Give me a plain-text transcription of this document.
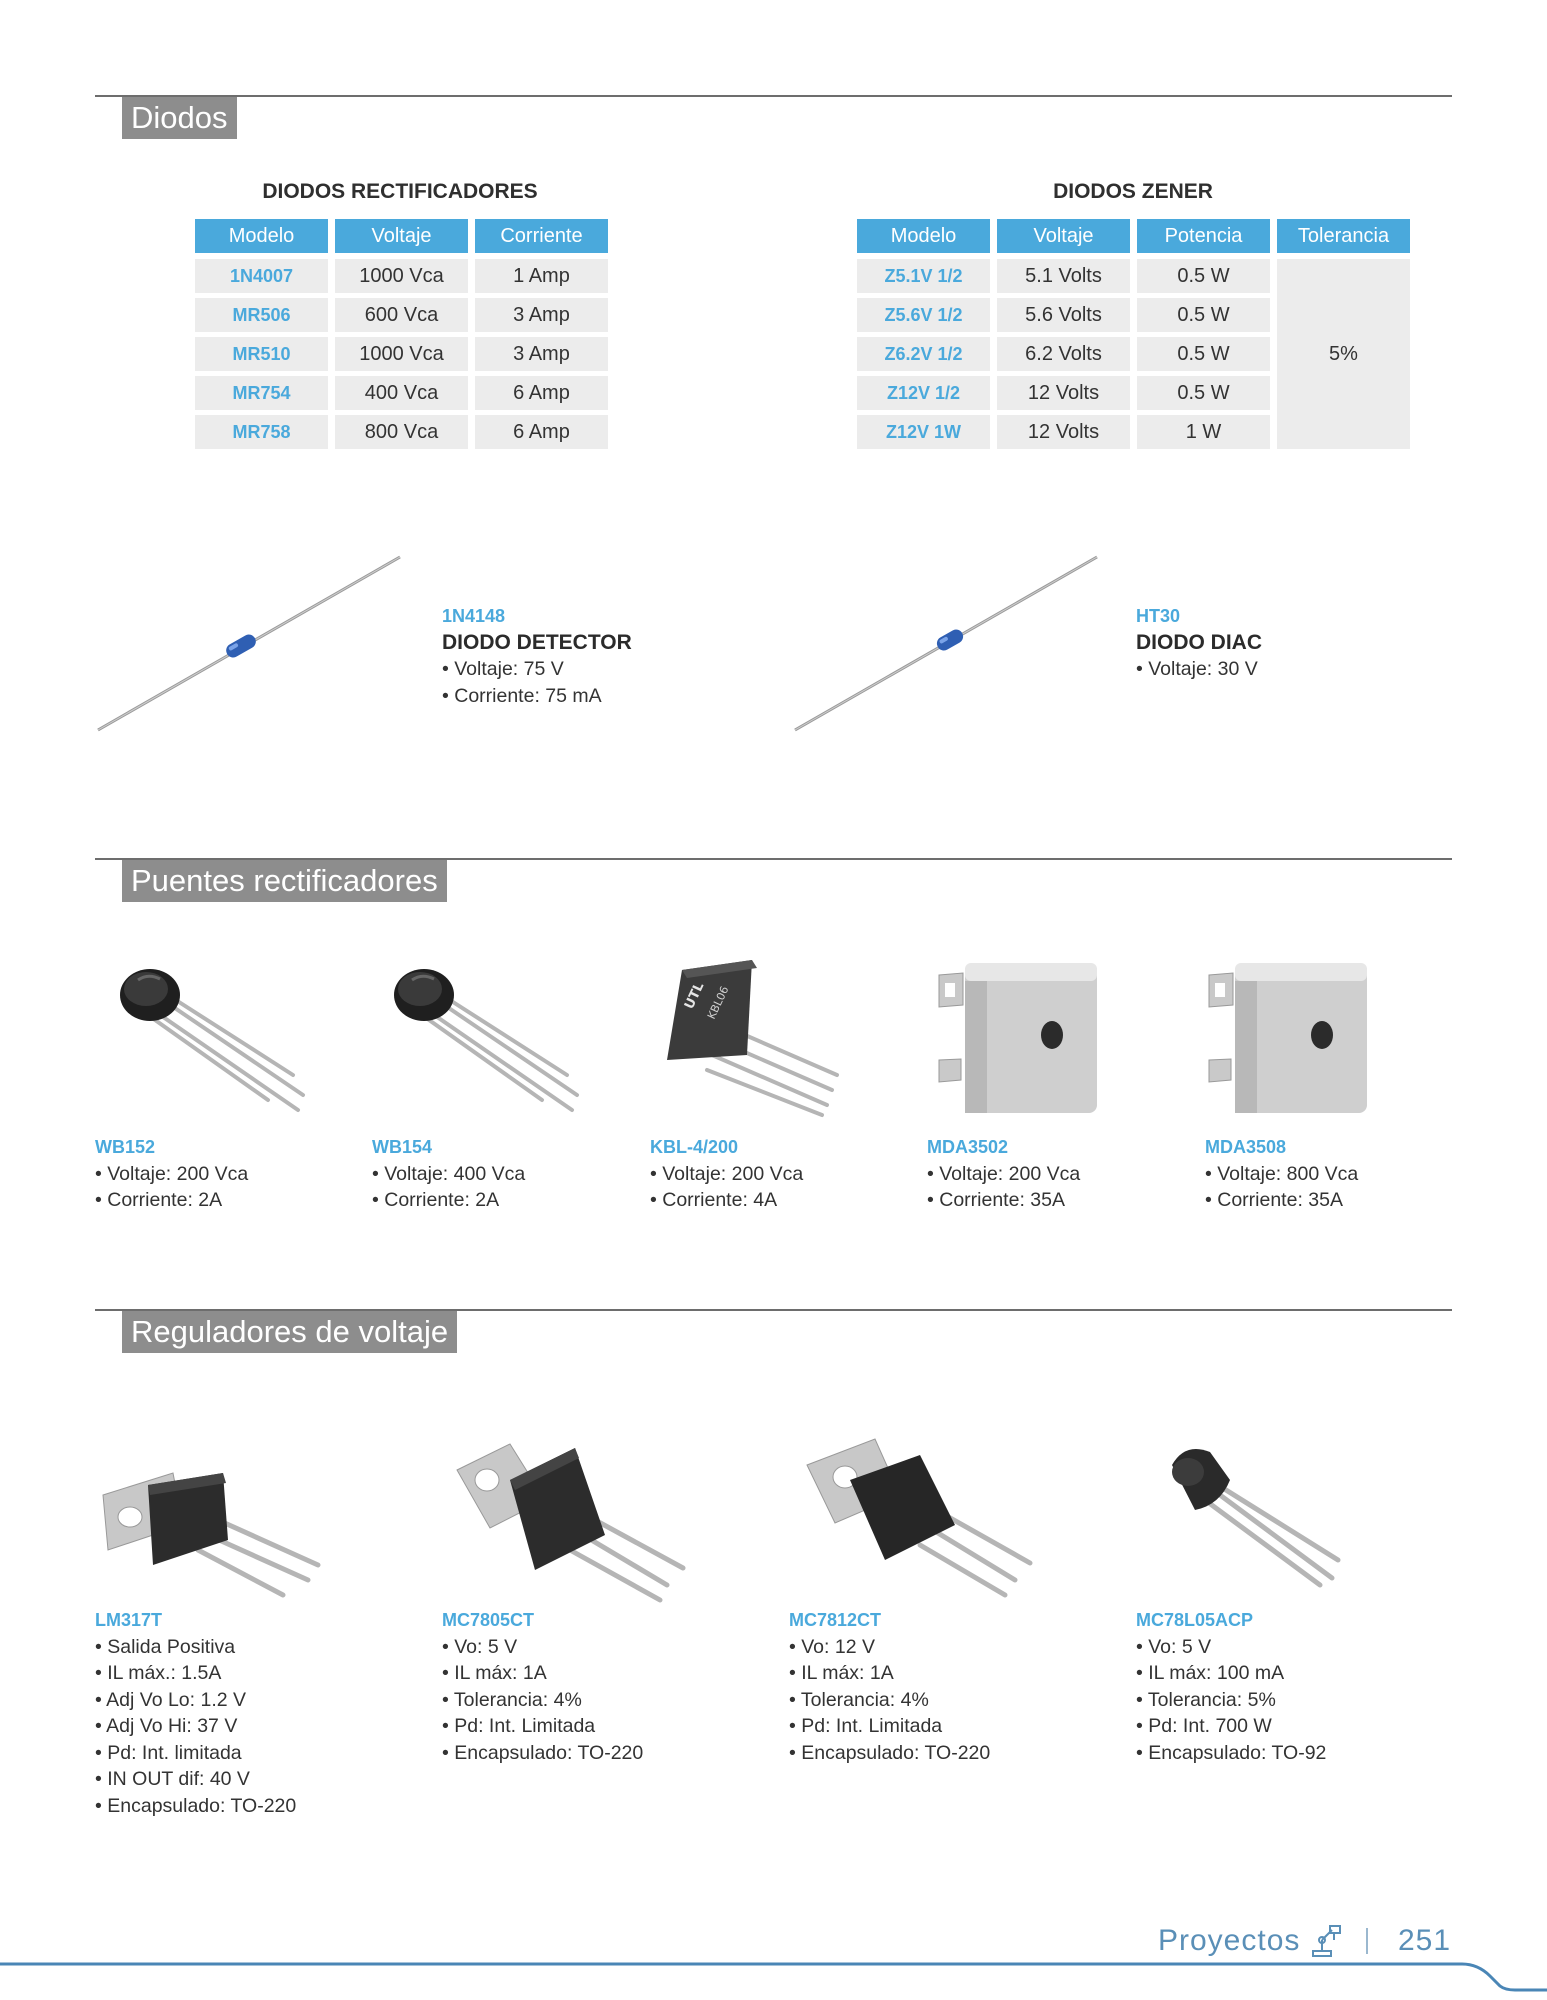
Diodos
DIODOS RECTIFICADORES
Modelo	Voltaje	Corriente
1N4007	1000 Vca	1 Amp
MR506	600 Vca	3 Amp
MR510	1000 Vca	3 Amp
MR754	400 Vca	6 Amp
MR758	800 Vca	6 Amp
DIODOS ZENER
Modelo	Voltaje	Potencia	Tolerancia
Z5.1V 1/2	5.1 Volts	0.5 W
Z5.6V 1/2	5.6 Volts	0.5 W
Z6.2V 1/2	6.2 Volts	0.5 W
Z12V 1/2	12 Volts	0.5 W
Z12V 1W	12 Volts	1 W
5%
1N4148
DIODO DETECTOR
• Voltaje: 75 V
• Corriente: 75 mA
HT30
DIODO DIAC
• Voltaje: 30 V
Puentes rectificadores
UTL
KBL06
WB152
• Voltaje: 200 Vca
• Corriente: 2A
WB154
• Voltaje: 400 Vca
• Corriente: 2A
KBL-4/200
• Voltaje: 200 Vca
• Corriente: 4A
MDA3502
• Voltaje: 200 Vca
• Corriente: 35A
MDA3508
• Voltaje: 800 Vca
• Corriente: 35A
Reguladores de voltaje
LM317T
• Salida Positiva
• IL máx.: 1.5A
• Adj Vo Lo: 1.2 V
• Adj Vo Hi: 37 V
• Pd: Int. limitada
• IN OUT dif: 40 V
• Encapsulado: TO-220
MC7805CT
• Vo: 5 V
• IL máx: 1A
• Tolerancia: 4%
• Pd: Int. Limitada
• Encapsulado: TO-220
MC7812CT
• Vo: 12 V
• IL máx: 1A
• Tolerancia: 4%
• Pd: Int. Limitada
• Encapsulado: TO-220
MC78L05ACP
• Vo: 5 V
• IL máx: 100 mA
• Tolerancia: 5%
• Pd: Int. 700 W
• Encapsulado: TO-92
Proyectos	251
